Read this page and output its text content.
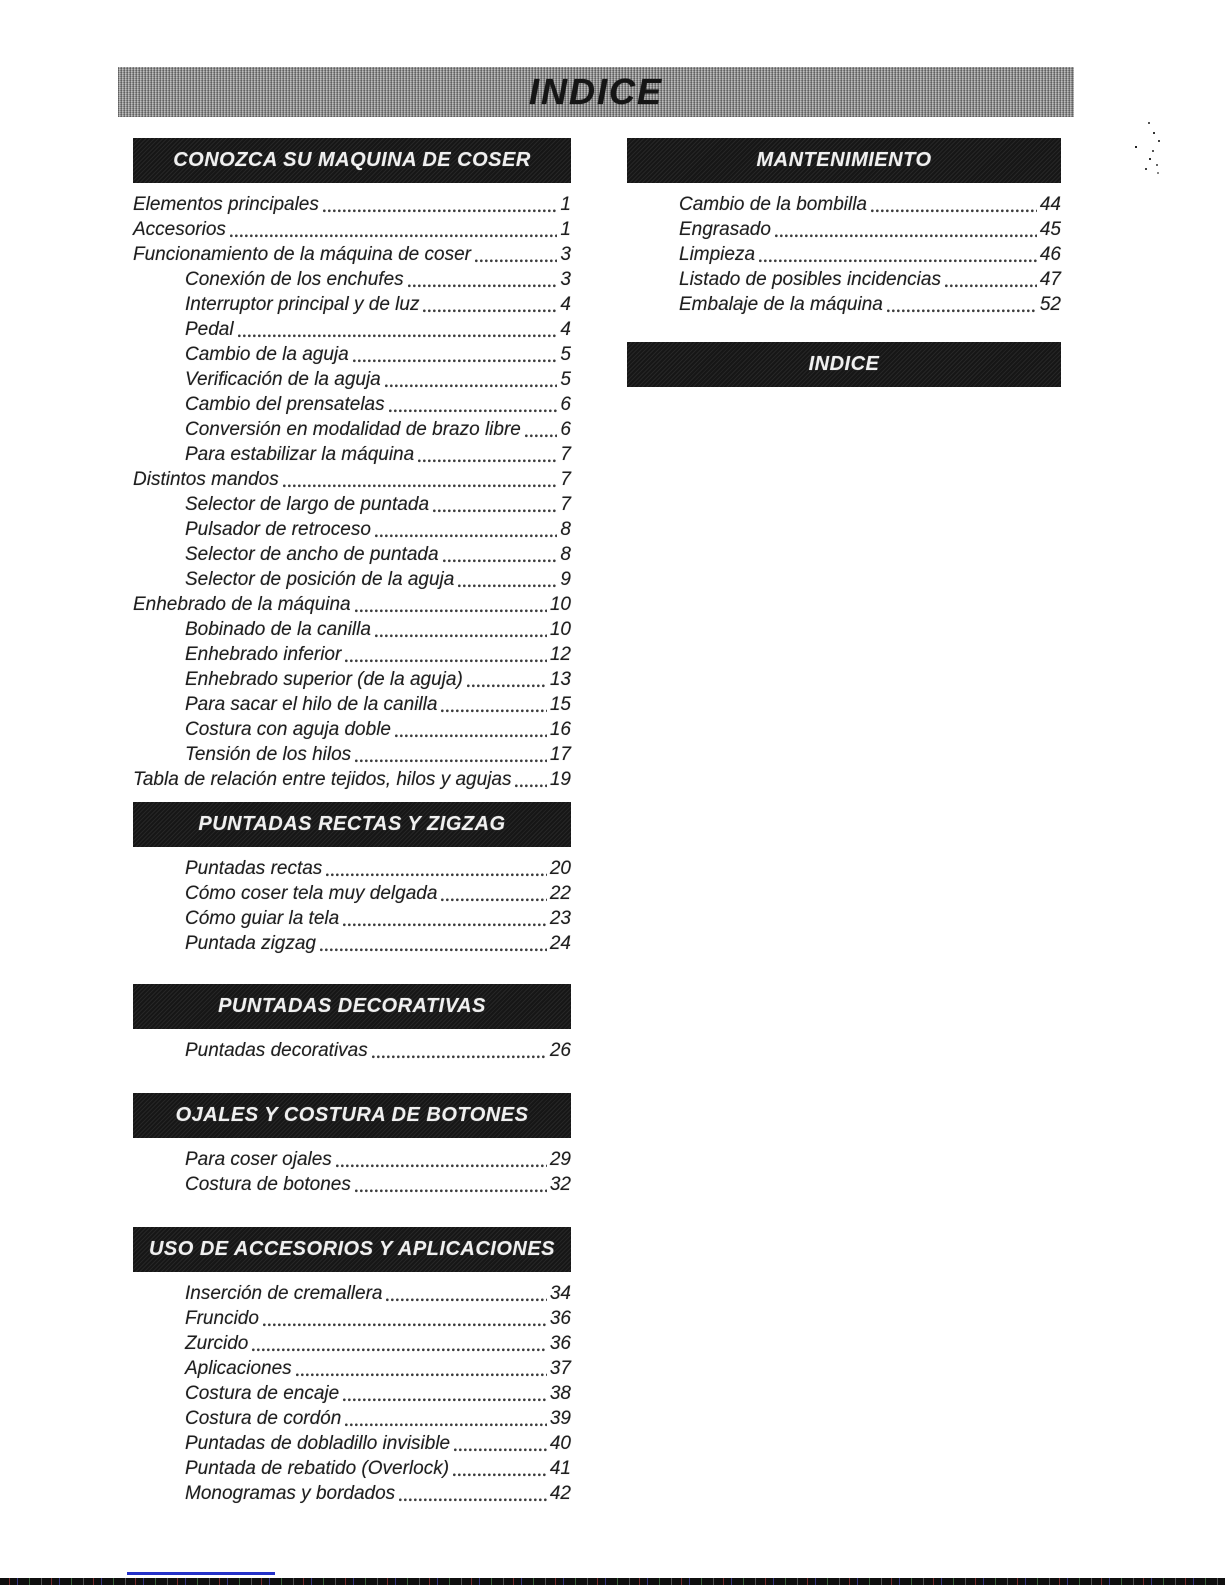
INDICE
CONOZCA SU MAQUINA DE COSER
Elementos principales	1
Accesorios	1
Funcionamiento de la máquina de coser	3
Conexión de los enchufes	3
Interruptor principal y de luz	4
Pedal	4
Cambio de la aguja	5
Verificación de la aguja	5
Cambio del prensatelas	6
Conversión en modalidad de brazo libre 6
Para estabilizar la máquina	7
Distintos mandos	7
Selector de largo de puntada	7
Pulsador de retroceso	8
Selector de ancho de puntada	8
Selector de posición de la aguja	9
Enhebrado de la máquina	10
Bobinado de la canilla	10
Enhebrado inferior	12
Enhebrado superior (de la aguja)	13
Para sacar el hilo de la canilla	15
Costura con aguja doble	16
Tensión de los hilos	17
Tabla de relación entre tejidos, hilos y agujas 19
PUNTADAS RECTAS Y ZIGZAG
Puntadas rectas	20
Cómo coser tela muy delgada	22
Cómo guiar la tela	23
Puntada zigzag	24
PUNTADAS DECORATIVAS
Puntadas decorativas	26
OJALES Y COSTURA DE BOTONES
Para coser ojales	29
Costura de botones	32
USO DE ACCESORIOS Y APLICACIONES
Inserción de cremallera	34
Fruncido	36
Zurcido	36
Aplicaciones	37
Costura de encaje	38
Costura de cordón	39
Puntadas de dobladillo invisible	40
Puntada de rebatido (Overlock)	41
Monogramas y bordados	42
MANTENIMIENTO
Cambio de la bombilla	44
Engrasado	45
Limpieza	46
Listado de posibles incidencias	47
Embalaje de la máquina	52
INDICE
